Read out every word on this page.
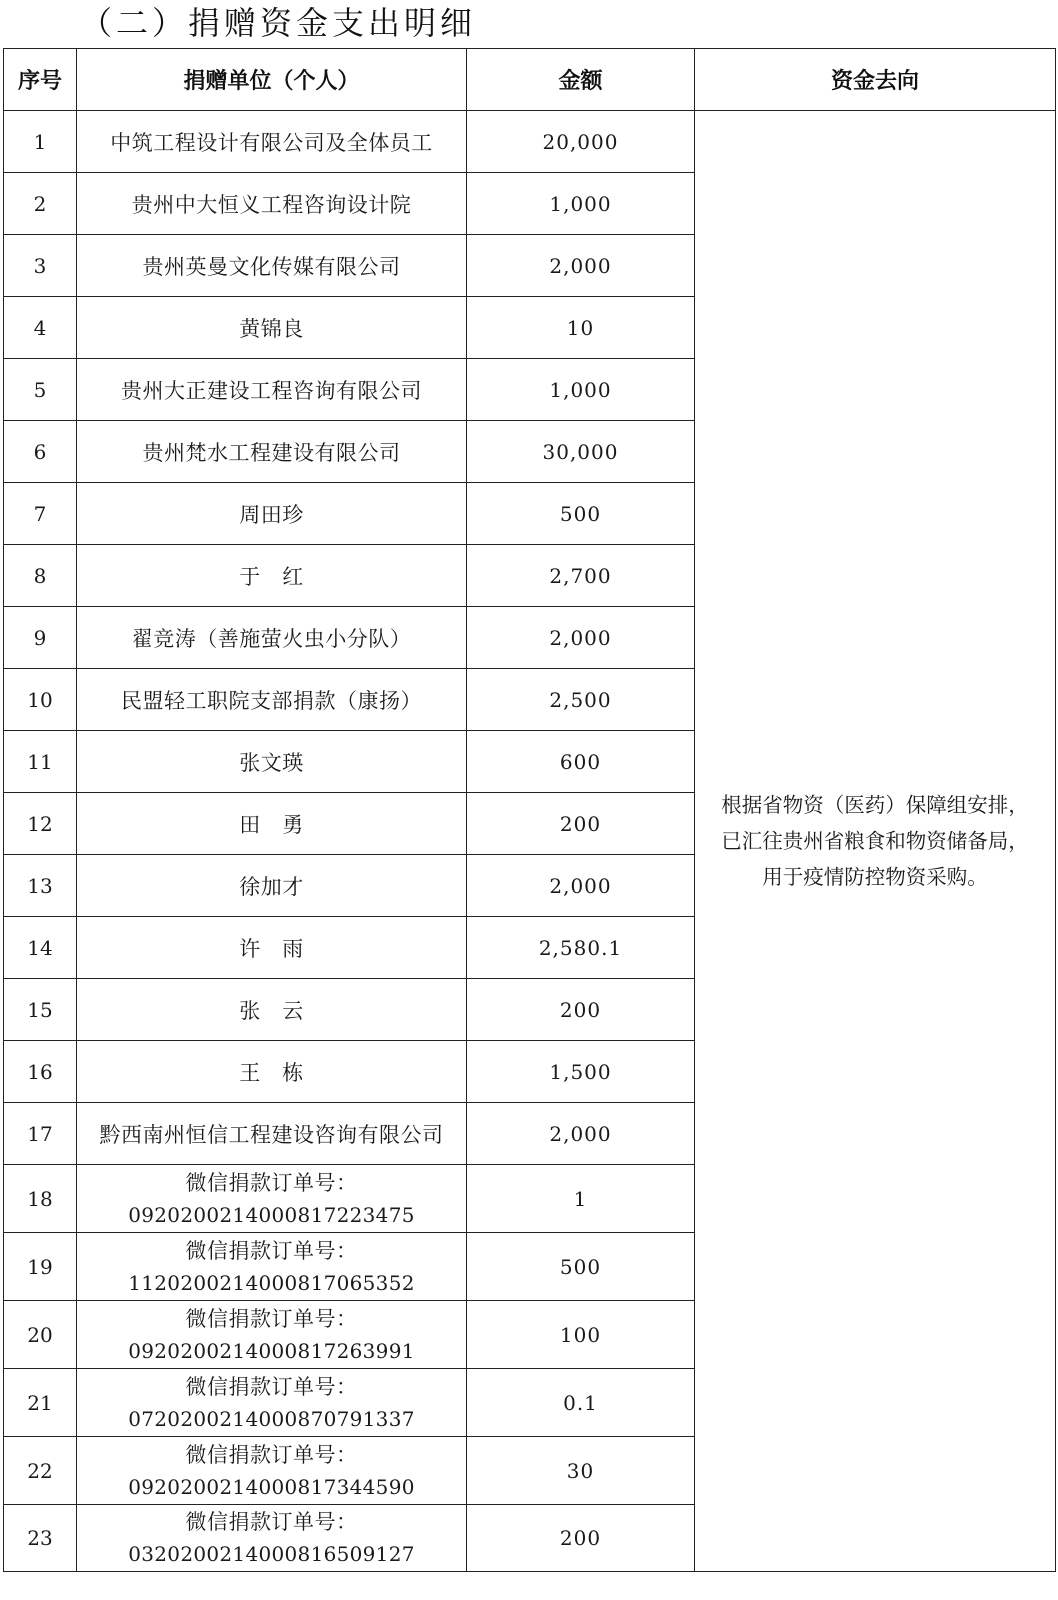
（二）捐赠资金支出明细
序号	捐赠单位（个人）	金额	资金去向
1	中筑工程设计有限公司及全体员工	20,000	根据省物资（医药）保障组安排，
已汇往贵州省粮食和物资储备局，
用于疫情防控物资采购。

2	贵州中大恒义工程咨询设计院	1,000	
3	贵州英曼文化传媒有限公司	2,000	
4	黄锦良	10	
5	贵州大正建设工程咨询有限公司	1,000	
6	贵州梵水工程建设有限公司	30,000	
7	周田珍	500	
8	于　红	2,700	
9	翟竞涛（善施萤火虫小分队）	2,000	
10	民盟轻工职院支部捐款（康扬）	2,500	
11	张文瑛	600	
12	田　勇	200	
13	徐加才	2,000	
14	许　雨	2,580.1	
15	张　云	200	
16	王　栋	1,500	
17	黔西南州恒信工程建设咨询有限公司	2,000	
18	微信捐款订单号：
0920200214000817223475	1	
19	微信捐款订单号：
1120200214000817065352	500	
20	微信捐款订单号：
0920200214000817263991	100	
21	微信捐款订单号：
0720200214000870791337	0.1	
22	微信捐款订单号：
0920200214000817344590	30	
23	微信捐款订单号：
0320200214000816509127	200	
